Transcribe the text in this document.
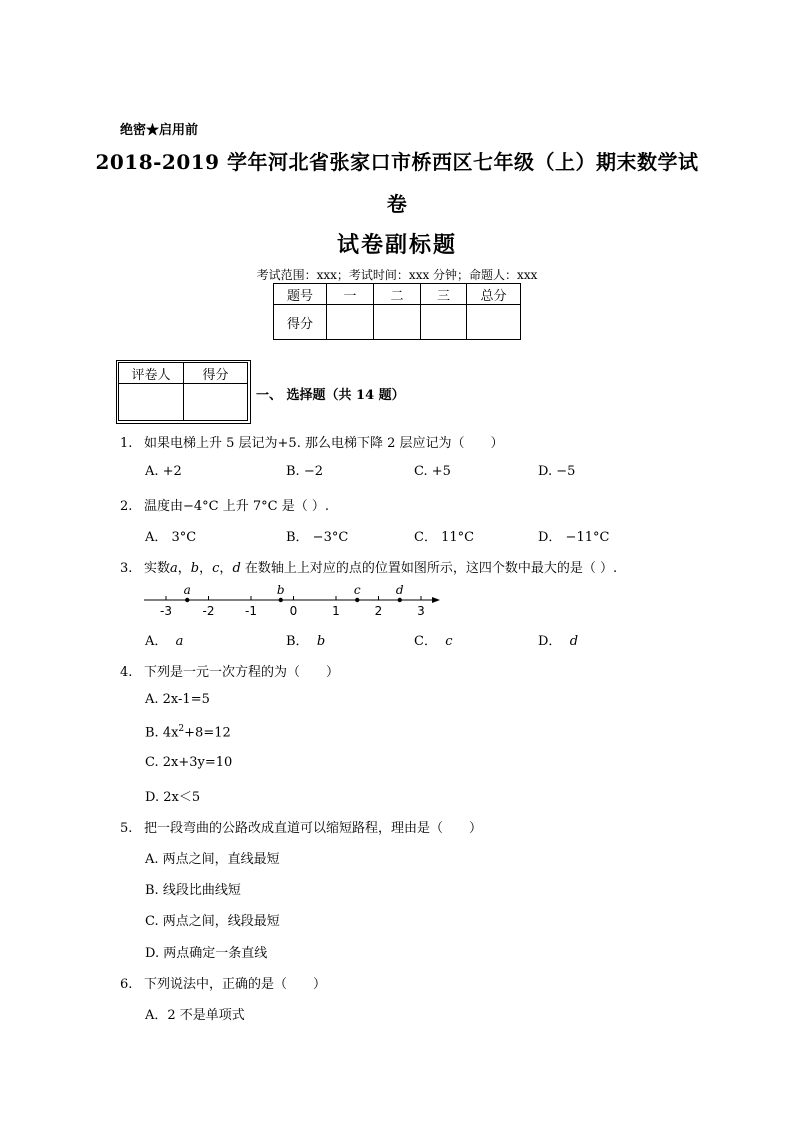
绝密★启用前
2018-2019 学年河北省张家口市桥西区七年级（上）期末数学试
卷
试卷副标题
考试范围：xxx；考试时间：xxx 分钟；命题人：xxx
题号	一	二	三	总分
得分				
评卷人	得分

一、 选择题（共 14 题）
1. 如果电梯上升 5 层记为+5. 那么电梯下降 2 层应记为（　　）
A. +2	B. −2	C. +5	D. −5
2. 温度由−4°C 上升 7°C 是（ ）.
A． 3°C	B． −3°C	C． 11°C	D． −11°C
3. 实数a，b，c，d 在数轴上上对应的点的位置如图所示，这四个数中最大的是（ ）.
-3	-2	-1	0	1	2	3
a	b	c	d
A． a	B． b	C． c	D． d
4. 下列是一元一次方程的为（　　）
A. 2x-1=5
B. $4x^2+8=12$
C. 2x+3y=10
D. 2x＜5
5. 把一段弯曲的公路改成直道可以缩短路程，理由是（　　）
A. 两点之间，直线最短
B. 线段比曲线短
C. 两点之间，线段最短
D. 两点确定一条直线
6. 下列说法中，正确的是（　　）
A．2 不是单项式
